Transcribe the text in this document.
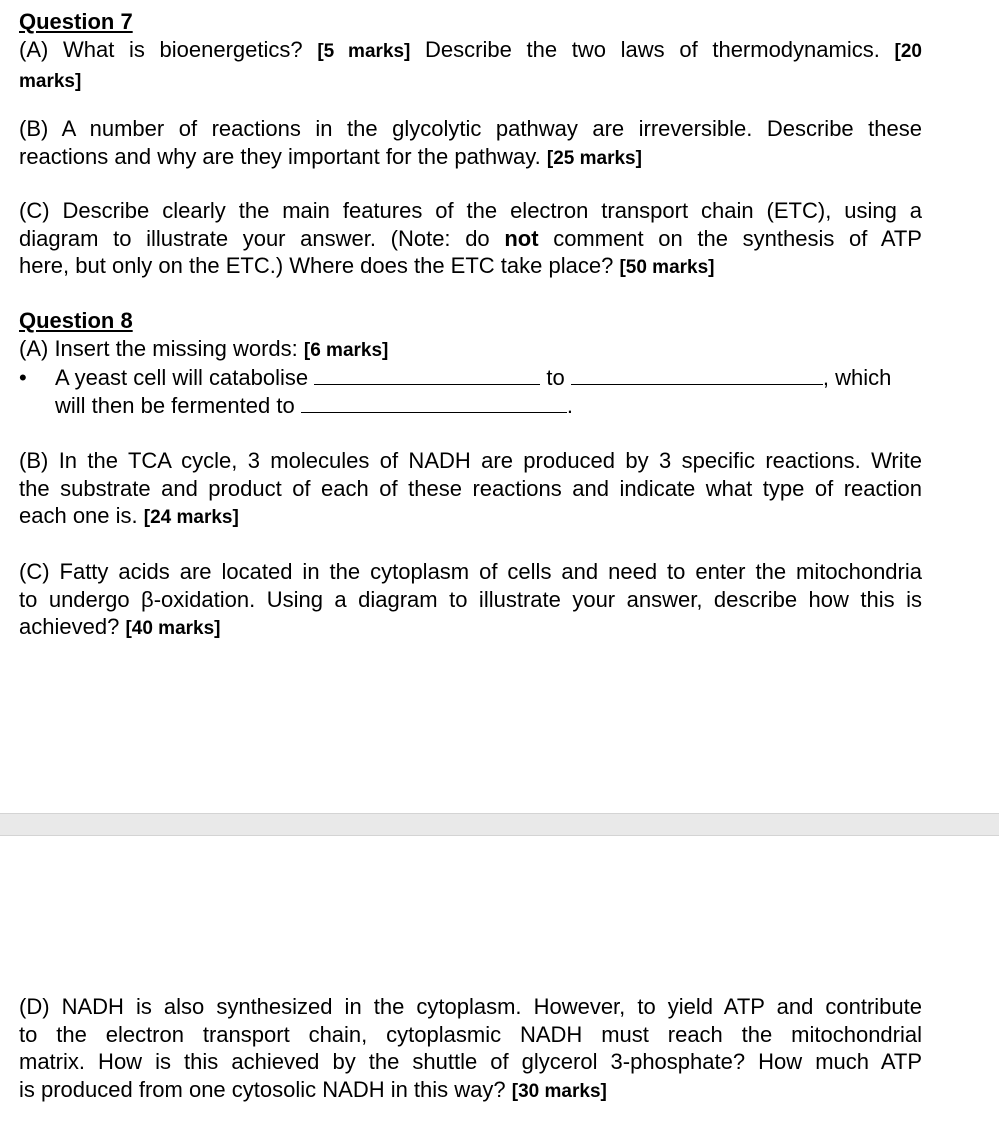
Question 7
(A) What is bioenergetics? [5 marks] Describe the two laws of thermodynamics. [20
marks]
(B) A number of reactions in the glycolytic pathway are irreversible. Describe these
reactions and why are they important for the pathway. [25 marks]
(C) Describe clearly the main features of the electron transport chain (ETC), using a
diagram to illustrate your answer. (Note: do not comment on the synthesis of ATP
here, but only on the ETC.) Where does the ETC take place? [50 marks]
Question 8
(A) Insert the missing words: [6 marks]
• A yeast cell will catabolise	to	, which
will then be fermented to	.
(B) In the TCA cycle, 3 molecules of NADH are produced by 3 specific reactions. Write
the substrate and product of each of these reactions and indicate what type of reaction
each one is. [24 marks]
(C) Fatty acids are located in the cytoplasm of cells and need to enter the mitochondria
to undergo β-oxidation. Using a diagram to illustrate your answer, describe how this is
achieved? [40 marks]
(D) NADH is also synthesized in the cytoplasm. However, to yield ATP and contribute
to the electron transport chain, cytoplasmic NADH must reach the mitochondrial
matrix. How is this achieved by the shuttle of glycerol 3-phosphate? How much ATP
is produced from one cytosolic NADH in this way? [30 marks]
